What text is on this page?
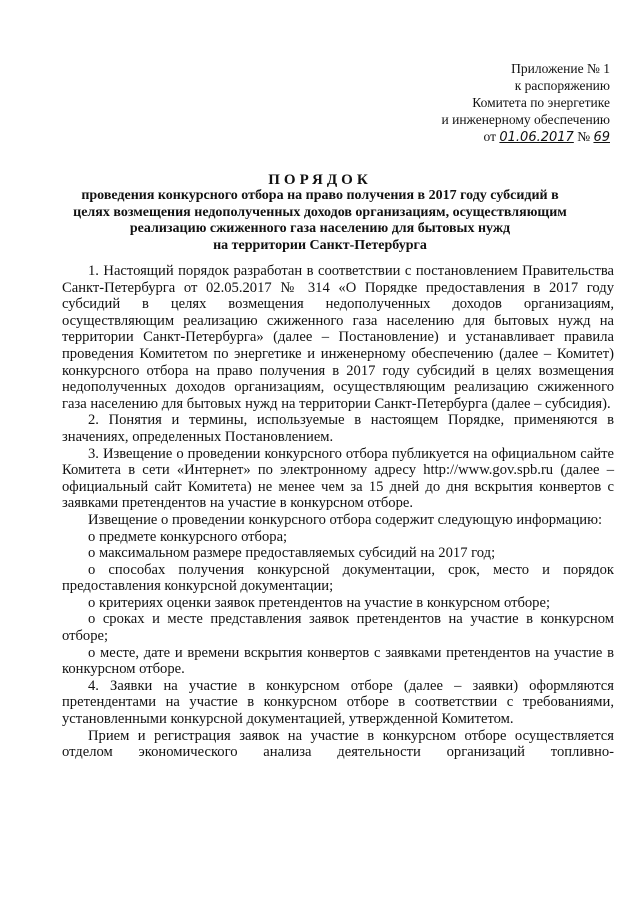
Приложение № 1
к распоряжению
Комитета по энергетике
и инженерному обеспечению
от 01.06.2017 № 69
ПОРЯДОК
проведения конкурсного отбора на право получения в 2017 году субсидий в
целях возмещения недополученных доходов организациям, осуществляющим
реализацию сжиженного газа населению для бытовых нужд
на территории Санкт-Петербурга

1. Настоящий порядок разработан в соответствии с постановлением Правительства Санкт-Петербурга от 02.05.2017 № 314 «О Порядке предоставления в 2017 году субсидий в целях возмещения недополученных доходов организациям, осуществляющим реализацию сжиженного газа населению для бытовых нужд на территории Санкт-Петербурга» (далее – Постановление) и устанавливает правила проведения Комитетом по энергетике и инженерному обеспечению (далее – Комитет) конкурсного отбора на право получения в 2017 году субсидий в целях возмещения недополученных доходов организациям, осуществляющим реализацию сжиженного газа населению для бытовых нужд на территории Санкт-Петербурга (далее – субсидия).

2. Понятия и термины, используемые в настоящем Порядке, применяются в значениях, определенных Постановлением.

3. Извещение о проведении конкурсного отбора публикуется на официальном сайте Комитета в сети «Интернет» по электронному адресу http://www.gov.spb.ru (далее – официальный сайт Комитета) не менее чем за 15 дней до дня вскрытия конвертов с заявками претендентов на участие в конкурсном отборе.

Извещение о проведении конкурсного отбора содержит следующую информацию:

о предмете конкурсного отбора;

о максимальном размере предоставляемых субсидий на 2017 год;

о способах получения конкурсной документации, срок, место и порядок предоставления конкурсной документации;

о критериях оценки заявок претендентов на участие в конкурсном отборе;

о сроках и месте представления заявок претендентов на участие в конкурсном отборе;

о месте, дате и времени вскрытия конвертов с заявками претендентов на участие в конкурсном отборе.

4. Заявки на участие в конкурсном отборе (далее – заявки) оформляются претендентами на участие в конкурсном отборе в соответствии с требованиями, установленными конкурсной документацией, утвержденной Комитетом.

Прием и регистрация заявок на участие в конкурсном отборе осуществляется отделом экономического анализа деятельности организаций топливно-
